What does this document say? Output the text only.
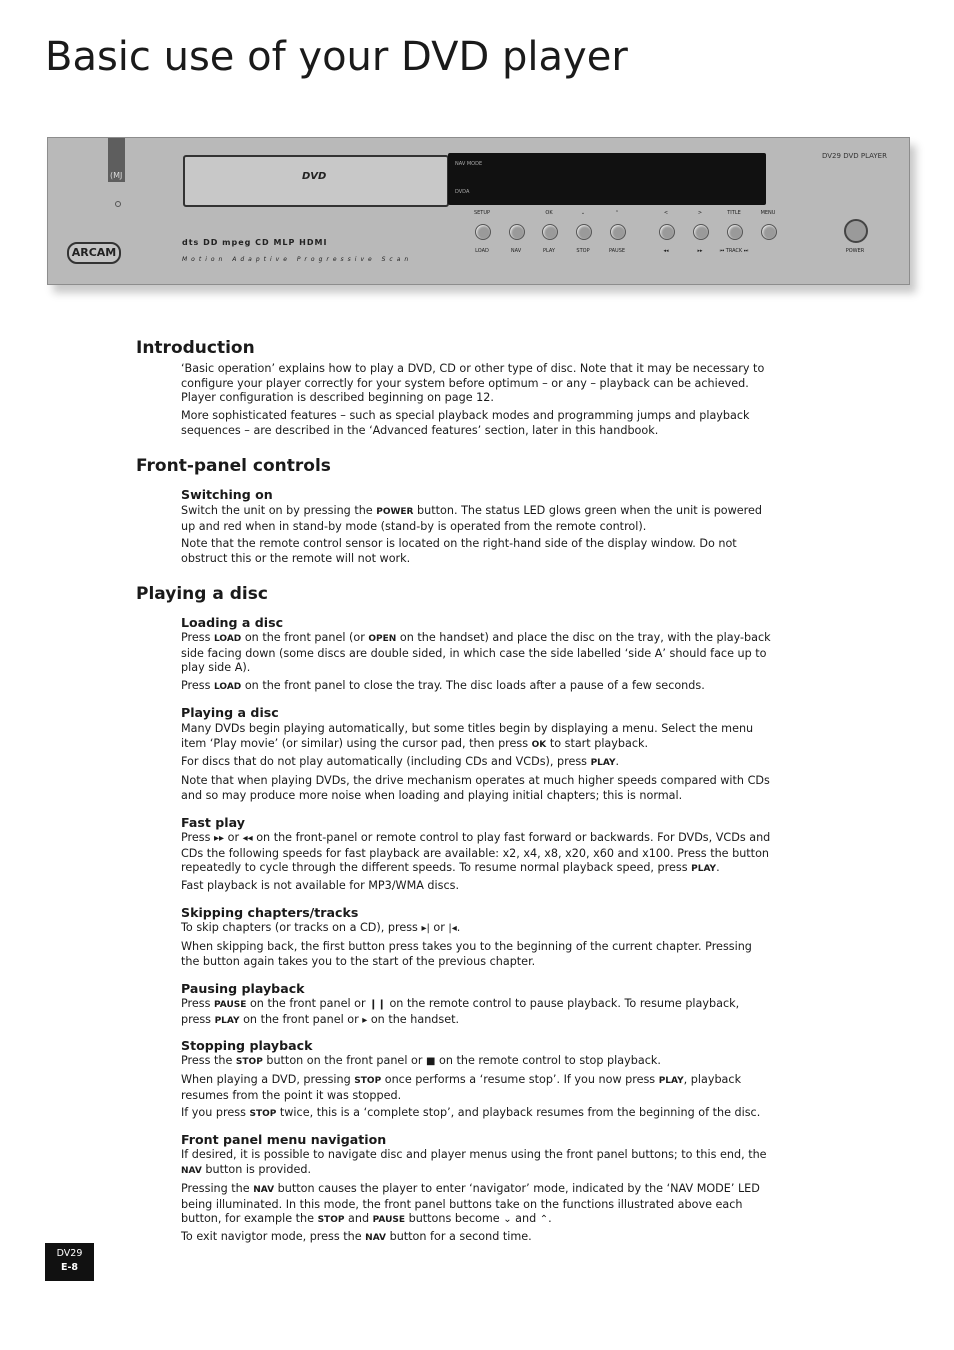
Basic use of your DVD player
(MJ
ARCAM
DVD
NAV MODE
DVDA
DV29 DVD PLAYER
dts DD mpeg CD MLP HDMI
Motion Adaptive Progressive Scan
SETUP
LOAD	NAV
OK
PLAY
⌄
STOP
⌃
PAUSE
<
◂◂
>
▸▸
TITLE
⏮ TRACK ⏭
MENU
POWER
Introduction

‘Basic operation’ explains how to play a DVD, CD or other type of disc. Note that it may be necessary to configure your player correctly for your system before optimum – or any – playback can be achieved. Player configuration is described beginning on page 12.

More sophisticated features – such as special playback modes and programming jumps and playback sequences – are described in the ‘Advanced features’ section, later in this handbook.

Front-panel controls
Switching on

Switch the unit on by pressing the POWER button. The status LED glows green when the unit is powered up and red when in stand-by mode (stand-by is operated from the remote control).

Note that the remote control sensor is located on the right-hand side of the display window. Do not obstruct this or the remote will not work.

Playing a disc
Loading a disc

Press LOAD on the front panel (or OPEN on the handset) and place the disc on the tray, with the play-back side facing down (some discs are double sided, in which case the side labelled ‘side A’ should face up to play side A).

Press LOAD on the front panel to close the tray. The disc loads after a pause of a few seconds.

Playing a disc

Many DVDs begin playing automatically, but some titles begin by displaying a menu. Select the menu item ‘Play movie’ (or similar) using the cursor pad, then press OK to start playback.

For discs that do not play automatically (including CDs and VCDs), press PLAY.

Note that when playing DVDs, the drive mechanism operates at much higher speeds compared with CDs and so may produce more noise when loading and playing initial chapters; this is normal.

Fast play

Press ▸▸ or ◂◂ on the front-panel or remote control to play fast forward or backwards. For DVDs, VCDs and CDs the following speeds for fast playback are available: x2, x4, x8, x20, x60 and x100. Press the button repeatedly to cycle through the different speeds. To resume normal playback speed, press PLAY.

Fast playback is not available for MP3/WMA discs.

Skipping chapters/tracks

To skip chapters (or tracks on a CD), press ▸| or |◂.

When skipping back, the first button press takes you to the beginning of the current chapter. Pressing the button again takes you to the start of the previous chapter.

Pausing playback

Press PAUSE on the front panel or ❙❙ on the remote control to pause playback. To resume playback, press PLAY on the front panel or ▸ on the handset.

Stopping playback

Press the STOP button on the front panel or ■ on the remote control to stop playback.

When playing a DVD, pressing STOP once performs a ‘resume stop’. If you now press PLAY, playback resumes from the point it was stopped.

If you press STOP twice, this is a ‘complete stop’, and playback resumes from the beginning of the disc.

Front panel menu navigation

If desired, it is possible to navigate disc and player menus using the front panel buttons; to this end, the NAV button is provided.

Pressing the NAV button causes the player to enter ‘navigator’ mode, indicated by the ‘NAV MODE’ LED being illuminated. In this mode, the front panel buttons take on the functions illustrated above each button, for example the STOP and PAUSE buttons become ⌄ and ⌃.

To exit navigtor mode, press the NAV button for a second time.

DV29
E-8
